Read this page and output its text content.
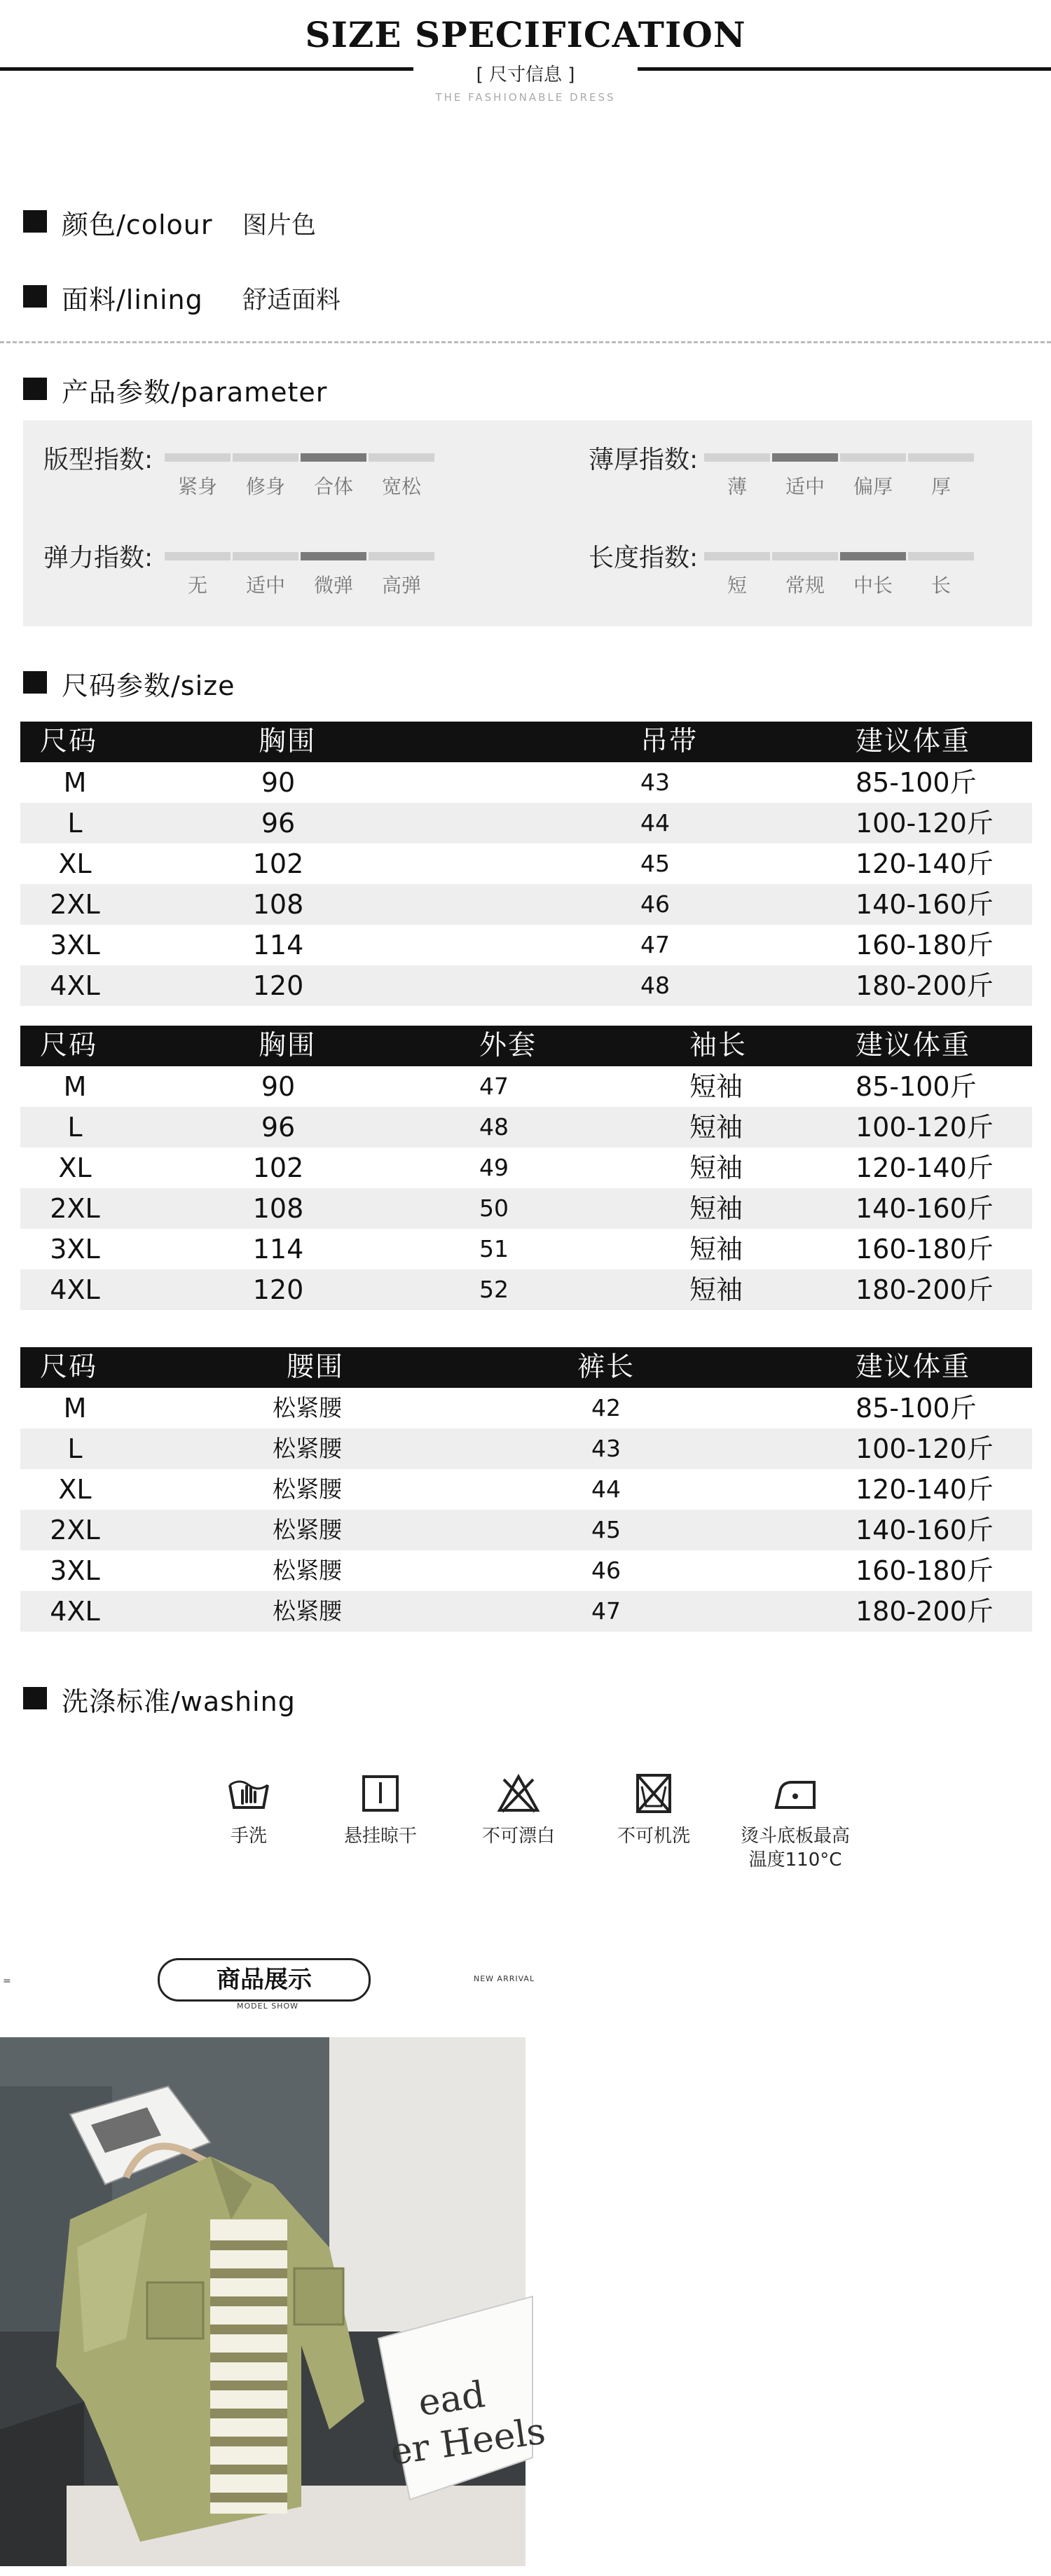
SIZE SPECIFICATION
[ 尺寸信息 ]
THE FASHIONABLE DRESS
颜色/colour 图片色
面料/lining 舒适面料
产品参数/parameter
版型指数:
紧身	修身	合体	宽松
薄厚指数:
薄	适中	偏厚	厚
弹力指数:
无	适中	微弹	高弹
长度指数:
短	常规	中长	长
尺码参数/size
尺码	胸围	吊带	建议体重
M	90	43	85-100斤
L	96	44	100-120斤
XL	102	45	120-140斤
2XL	108	46	140-160斤
3XL	114	47	160-180斤
4XL	120	48	180-200斤
尺码	胸围	外套	袖长	建议体重
M	90	47	短袖	85-100斤
L	96	48	短袖	100-120斤
XL	102	49	短袖	120-140斤
2XL	108	50	短袖	140-160斤
3XL	114	51	短袖	160-180斤
4XL	120	52	短袖	180-200斤
尺码	腰围	裤长	建议体重
M	松紧腰	42	85-100斤
L	松紧腰	43	100-120斤
XL	松紧腰	44	120-140斤
2XL	松紧腰	45	140-160斤
3XL	松紧腰	46	160-180斤
4XL	松紧腰	47	180-200斤
洗涤标准/washing
手洗	悬挂晾干	不可漂白	不可机洗	烫斗底板最高
温度110°C
=	商品展示
MODEL SHOW
NEW ARRIVAL
ead
er Heels
